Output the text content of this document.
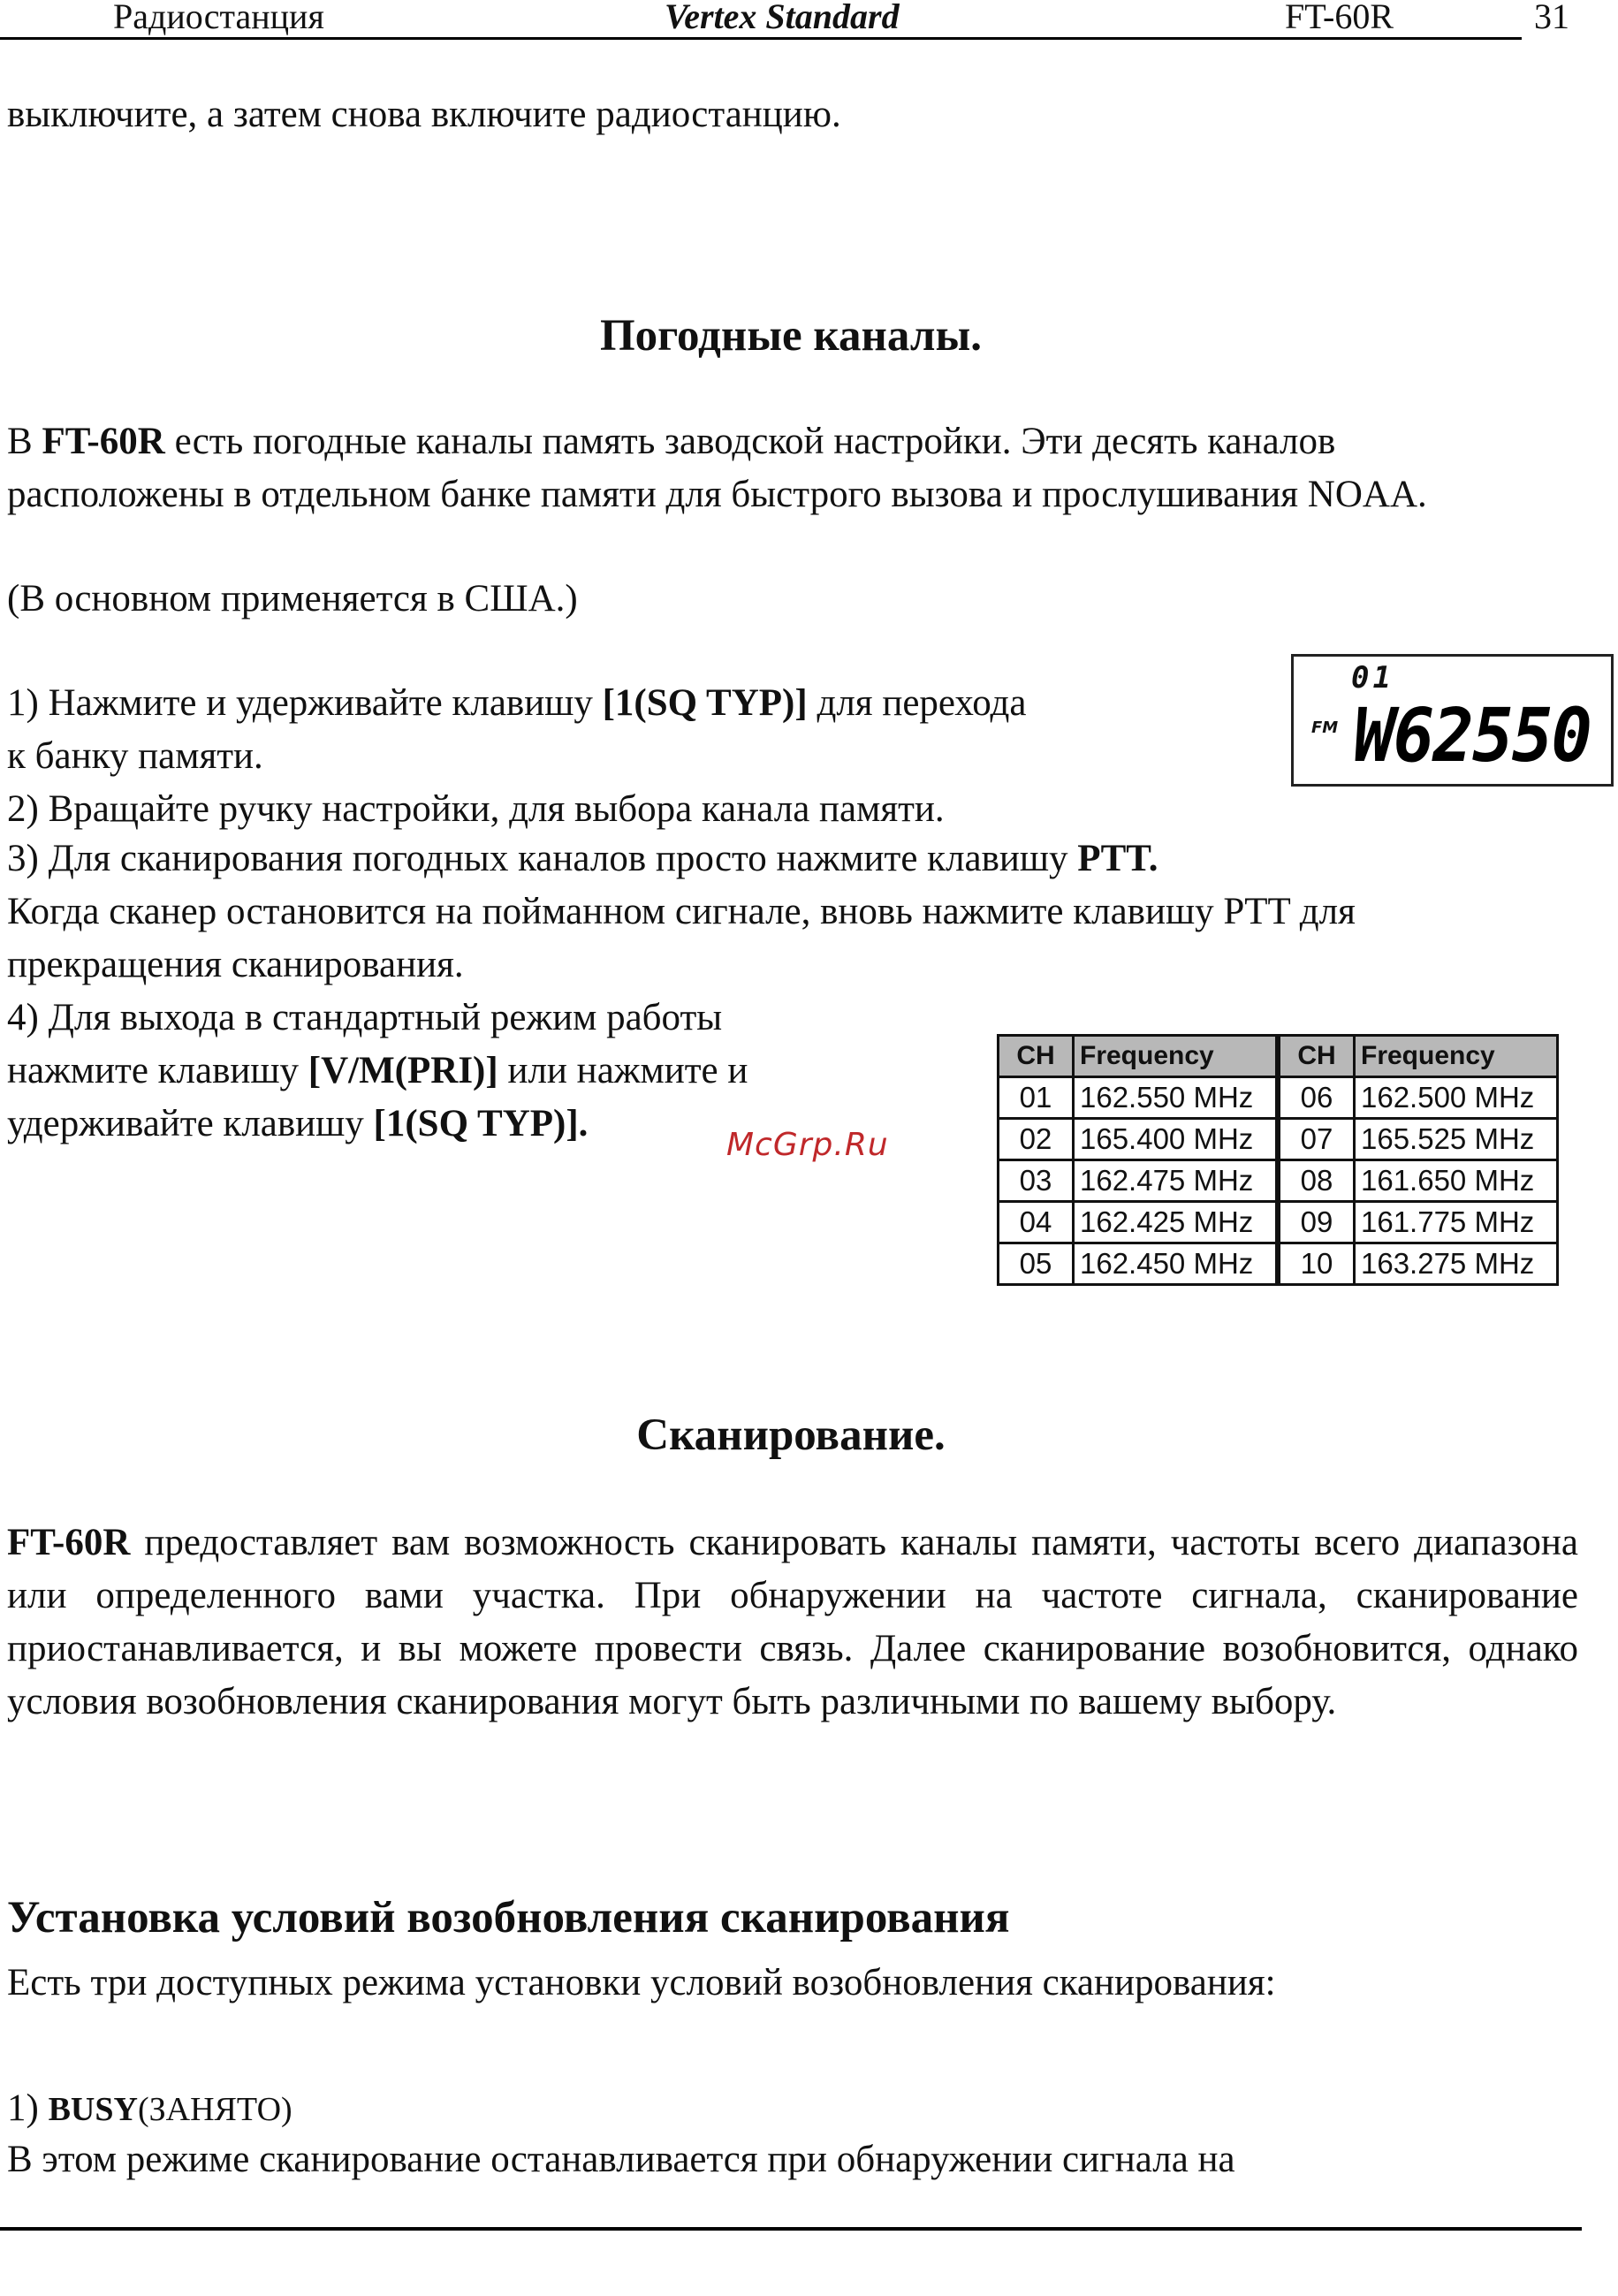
Радиостанция	Vertex Standard	FT-60R	31

выключите, а затем снова включите радиостанцию.

Погодные каналы.

В FT-60R есть погодные каналы память заводской настройки. Эти десять каналов расположены в отдельном банке памяти для быстрого вызова и прослушивания NOAA.

(В основном применяется в США.)

1) Нажмите и удерживайте клавишу [1(SQ TYP)] для перехода

к банку памяти.

2) Вращайте ручку настройки, для выбора канала памяти.

3) Для сканирования погодных каналов просто нажмите клавишу PTT.
Когда сканер остановится на пойманном сигнале, вновь нажмите клавишу PTT для прекращения сканирования.

4) Для выхода в стандартный режим работы

нажмите клавишу [V/M(PRI)] или нажмите и

удерживайте клавишу [1(SQ TYP)].

01
FM W62550
McGrp.Ru
CH	Frequency	CH	Frequency
01	162.550 MHz	06	162.500 MHz
02	165.400 MHz	07	165.525 MHz
03	162.475 MHz	08	161.650 MHz
04	162.425 MHz	09	161.775 MHz
05	162.450 MHz	10	163.275 MHz
Сканирование.

FT-60R предоставляет вам возможность сканировать каналы памяти, частоты всего диапазона или определенного вами участка. При обнаружении на частоте сигнала, сканирование приостанавливается, и вы можете провести связь. Далее сканирование возобновится, однако условия возобновления сканирования могут быть различными по вашему выбору.

Установка условий возобновления сканирования

Есть три доступных режима установки условий возобновления сканирования:

1) BUSY(ЗАНЯТО)

В этом режиме сканирование останавливается при обнаружении сигнала на
